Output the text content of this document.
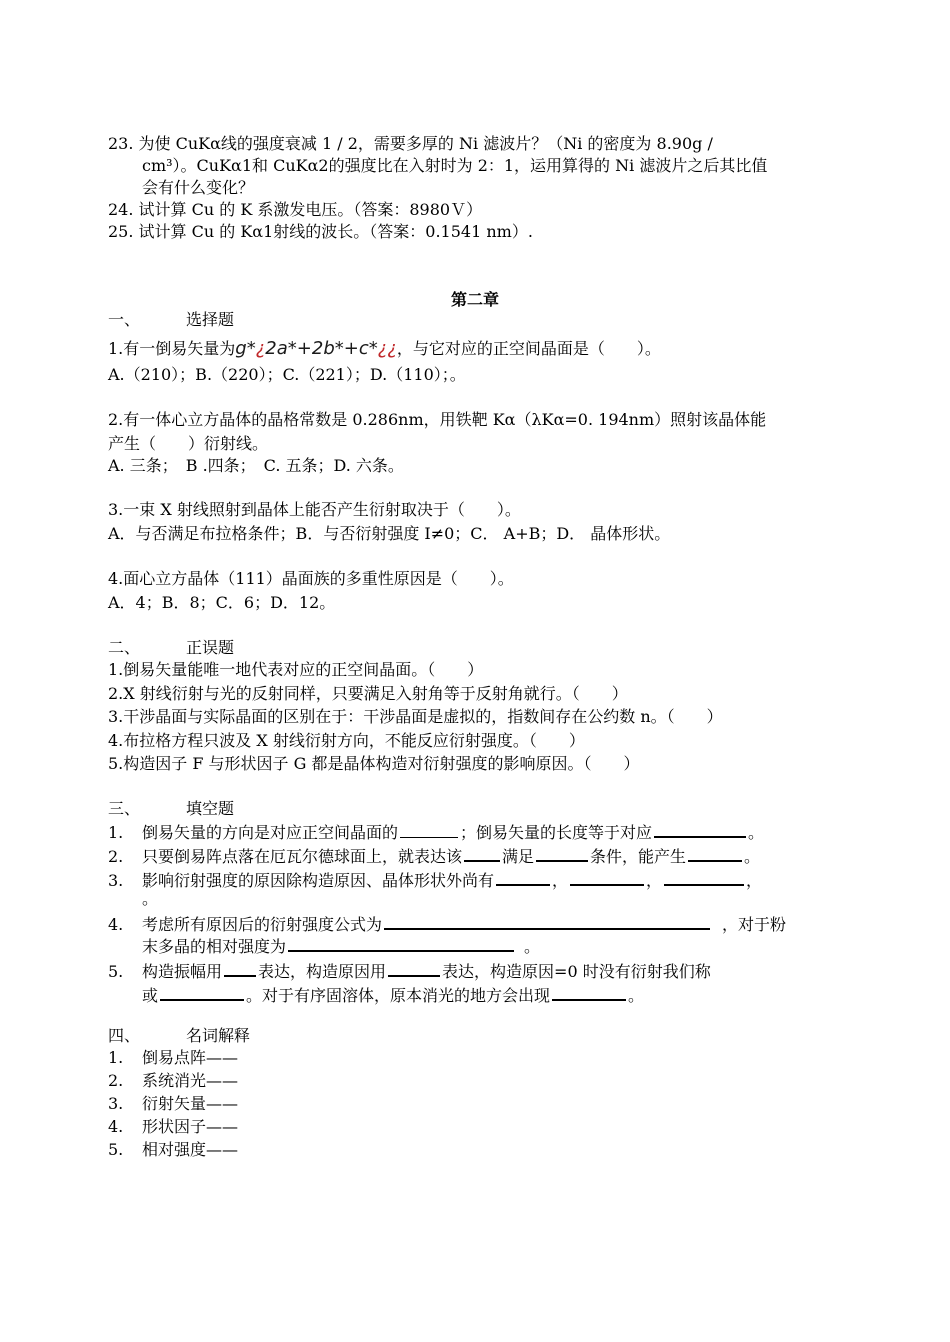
23. 为使 CuKα线的强度衰减 1 / 2，需要多厚的 Ni 滤波片？（Ni 的密度为 8.90g /
cm³）。CuKα1和 CuKα2的强度比在入射时为 2：1，运用算得的 Ni 滤波片之后其比值
会有什么变化？
24. 试计算 Cu 的 K 系激发电压。（答案：8980Ｖ）
25. 试计算 Cu 的 Kα1射线的波长。（答案：0.1541 nm）.
第二章
一、	选择题
1.有一倒易矢量为g*¿2a*+2b*+c*¿¿，与它对应的正空间晶面是（　　）。
A.（210）；B.（220）；C.（221）；D.（110）；。
2.有一体心立方晶体的晶格常数是 0.286nm，用铁靶 Kα（λKα=0. 194nm）照射该晶体能
产生（　　）衍射线。
A. 三条；　B .四条；　C. 五条；D. 六条。
3.一束 X 射线照射到晶体上能否产生衍射取决于（　　）。
A．与否满足布拉格条件；B．与否衍射强度 I≠0；C． A+B；D． 晶体形状。
4.面心立方晶体（111）晶面族的多重性原因是（　　）。
A．4；B．8；C．6；D．12。
二、	正误题
1.倒易矢量能唯一地代表对应的正空间晶面。（　　）
2.X 射线衍射与光的反射同样，只要满足入射角等于反射角就行。（　　）
3.干涉晶面与实际晶面的区别在于：干涉晶面是虚拟的，指数间存在公约数 n。（　　）
4.布拉格方程只波及 X 射线衍射方向，不能反应衍射强度。（　　）
5.构造因子 F 与形状因子 G 都是晶体构造对衍射强度的影响原因。（　　）
三、	填空题
1. 倒易矢量的方向是对应正空间晶面的	；倒易矢量的长度等于对应	。
2. 只要倒易阵点落在厄瓦尔德球面上，就表达该	满足	条件，能产生	。
3. 影响衍射强度的原因除构造原因、晶体形状外尚有	，	，	，
。
4. 考虑所有原因后的衍射强度公式为	，对于粉
末多晶的相对强度为	。
5. 构造振幅用 表达，构造原因用	表达，构造原因=0 时没有衍射我们称
或	。对于有序固溶体，原本消光的地方会出现	。
四、	名词解释
1. 倒易点阵——
2. 系统消光——
3. 衍射矢量——
4. 形状因子——
5. 相对强度——
